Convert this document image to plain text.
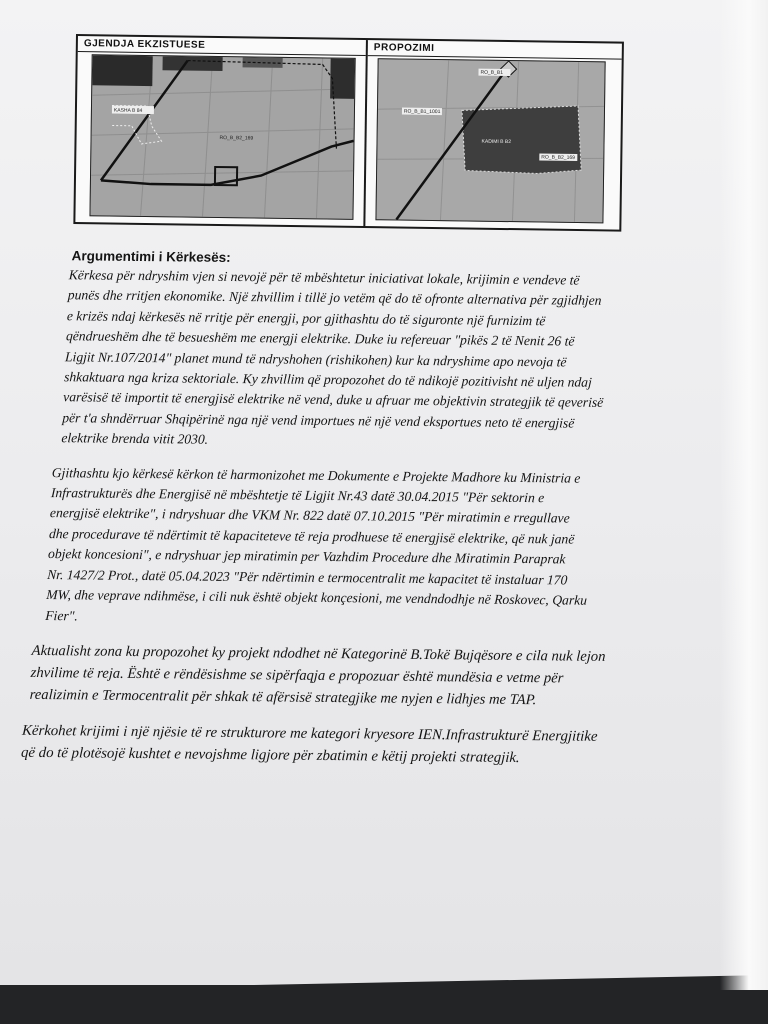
GJENDJA EKZISTUESE
KASHA B 84
RO_B_B2_169
PROPOZIMI
RO_B_B1
RO_B_B1_1001
KADIMI B B2
RO_B_B2_169
Argumentimi i Kërkesës:
Kërkesa për ndryshim vjen si nevojë për të mbështetur iniciativat lokale, krijimin e vendeve të
punës dhe rritjen ekonomike. Një zhvillim i tillë jo vetëm që do të ofronte alternativa për zgjidhjen
e krizës ndaj kërkesës në rritje për energji, por gjithashtu do të siguronte një furnizim të
qëndrueshëm dhe të besueshëm me energji elektrike. Duke iu refereuar "pikës 2 të Nenit 26 të
Ligjit Nr.107/2014" planet mund të ndryshohen (rishikohen) kur ka ndryshime apo nevoja të
shkaktuara nga kriza sektoriale. Ky zhvillim që propozohet do të ndikojë pozitivisht në uljen ndaj
varësisë të importit të energjisë elektrike në vend, duke u afruar me objektivin strategjik të qeverisë
për t'a shndërruar Shqipërinë nga një vend importues në një vend eksportues neto të energjisë
elektrike brenda vitit 2030.
Gjithashtu kjo kërkesë kërkon të harmonizohet me Dokumente e Projekte Madhore ku Ministria e
Infrastrukturës dhe Energjisë në mbështetje të Ligjit Nr.43 datë 30.04.2015 "Për sektorin e
energjisë elektrike", i ndryshuar dhe VKM Nr. 822 datë 07.10.2015 "Për miratimin e rregullave
dhe procedurave të ndërtimit të kapaciteteve të reja prodhuese të energjisë elektrike, që nuk janë
objekt koncesioni", e ndryshuar jep miratimin per Vazhdim Procedure dhe Miratimin Paraprak
Nr. 1427/2 Prot., datë 05.04.2023 "Për ndërtimin e termocentralit me kapacitet të instaluar 170
MW, dhe veprave ndihmëse, i cili nuk është objekt konçesioni, me vendndodhje në Roskovec, Qarku
Fier".
Aktualisht zona ku propozohet ky projekt ndodhet në Kategorinë B.Tokë Bujqësore e cila nuk lejon
zhvilime të reja. Është e rëndësishme se sipërfaqja e propozuar është mundësia e vetme për
realizimin e Termocentralit për shkak të afërsisë strategjike me nyjen e lidhjes me TAP.
Kërkohet krijimi i një njësie të re strukturore me kategori kryesore IEN.Infrastrukturë Energjitike
që do të plotësojë kushtet e nevojshme ligjore për zbatimin e këtij projekti strategjik.
